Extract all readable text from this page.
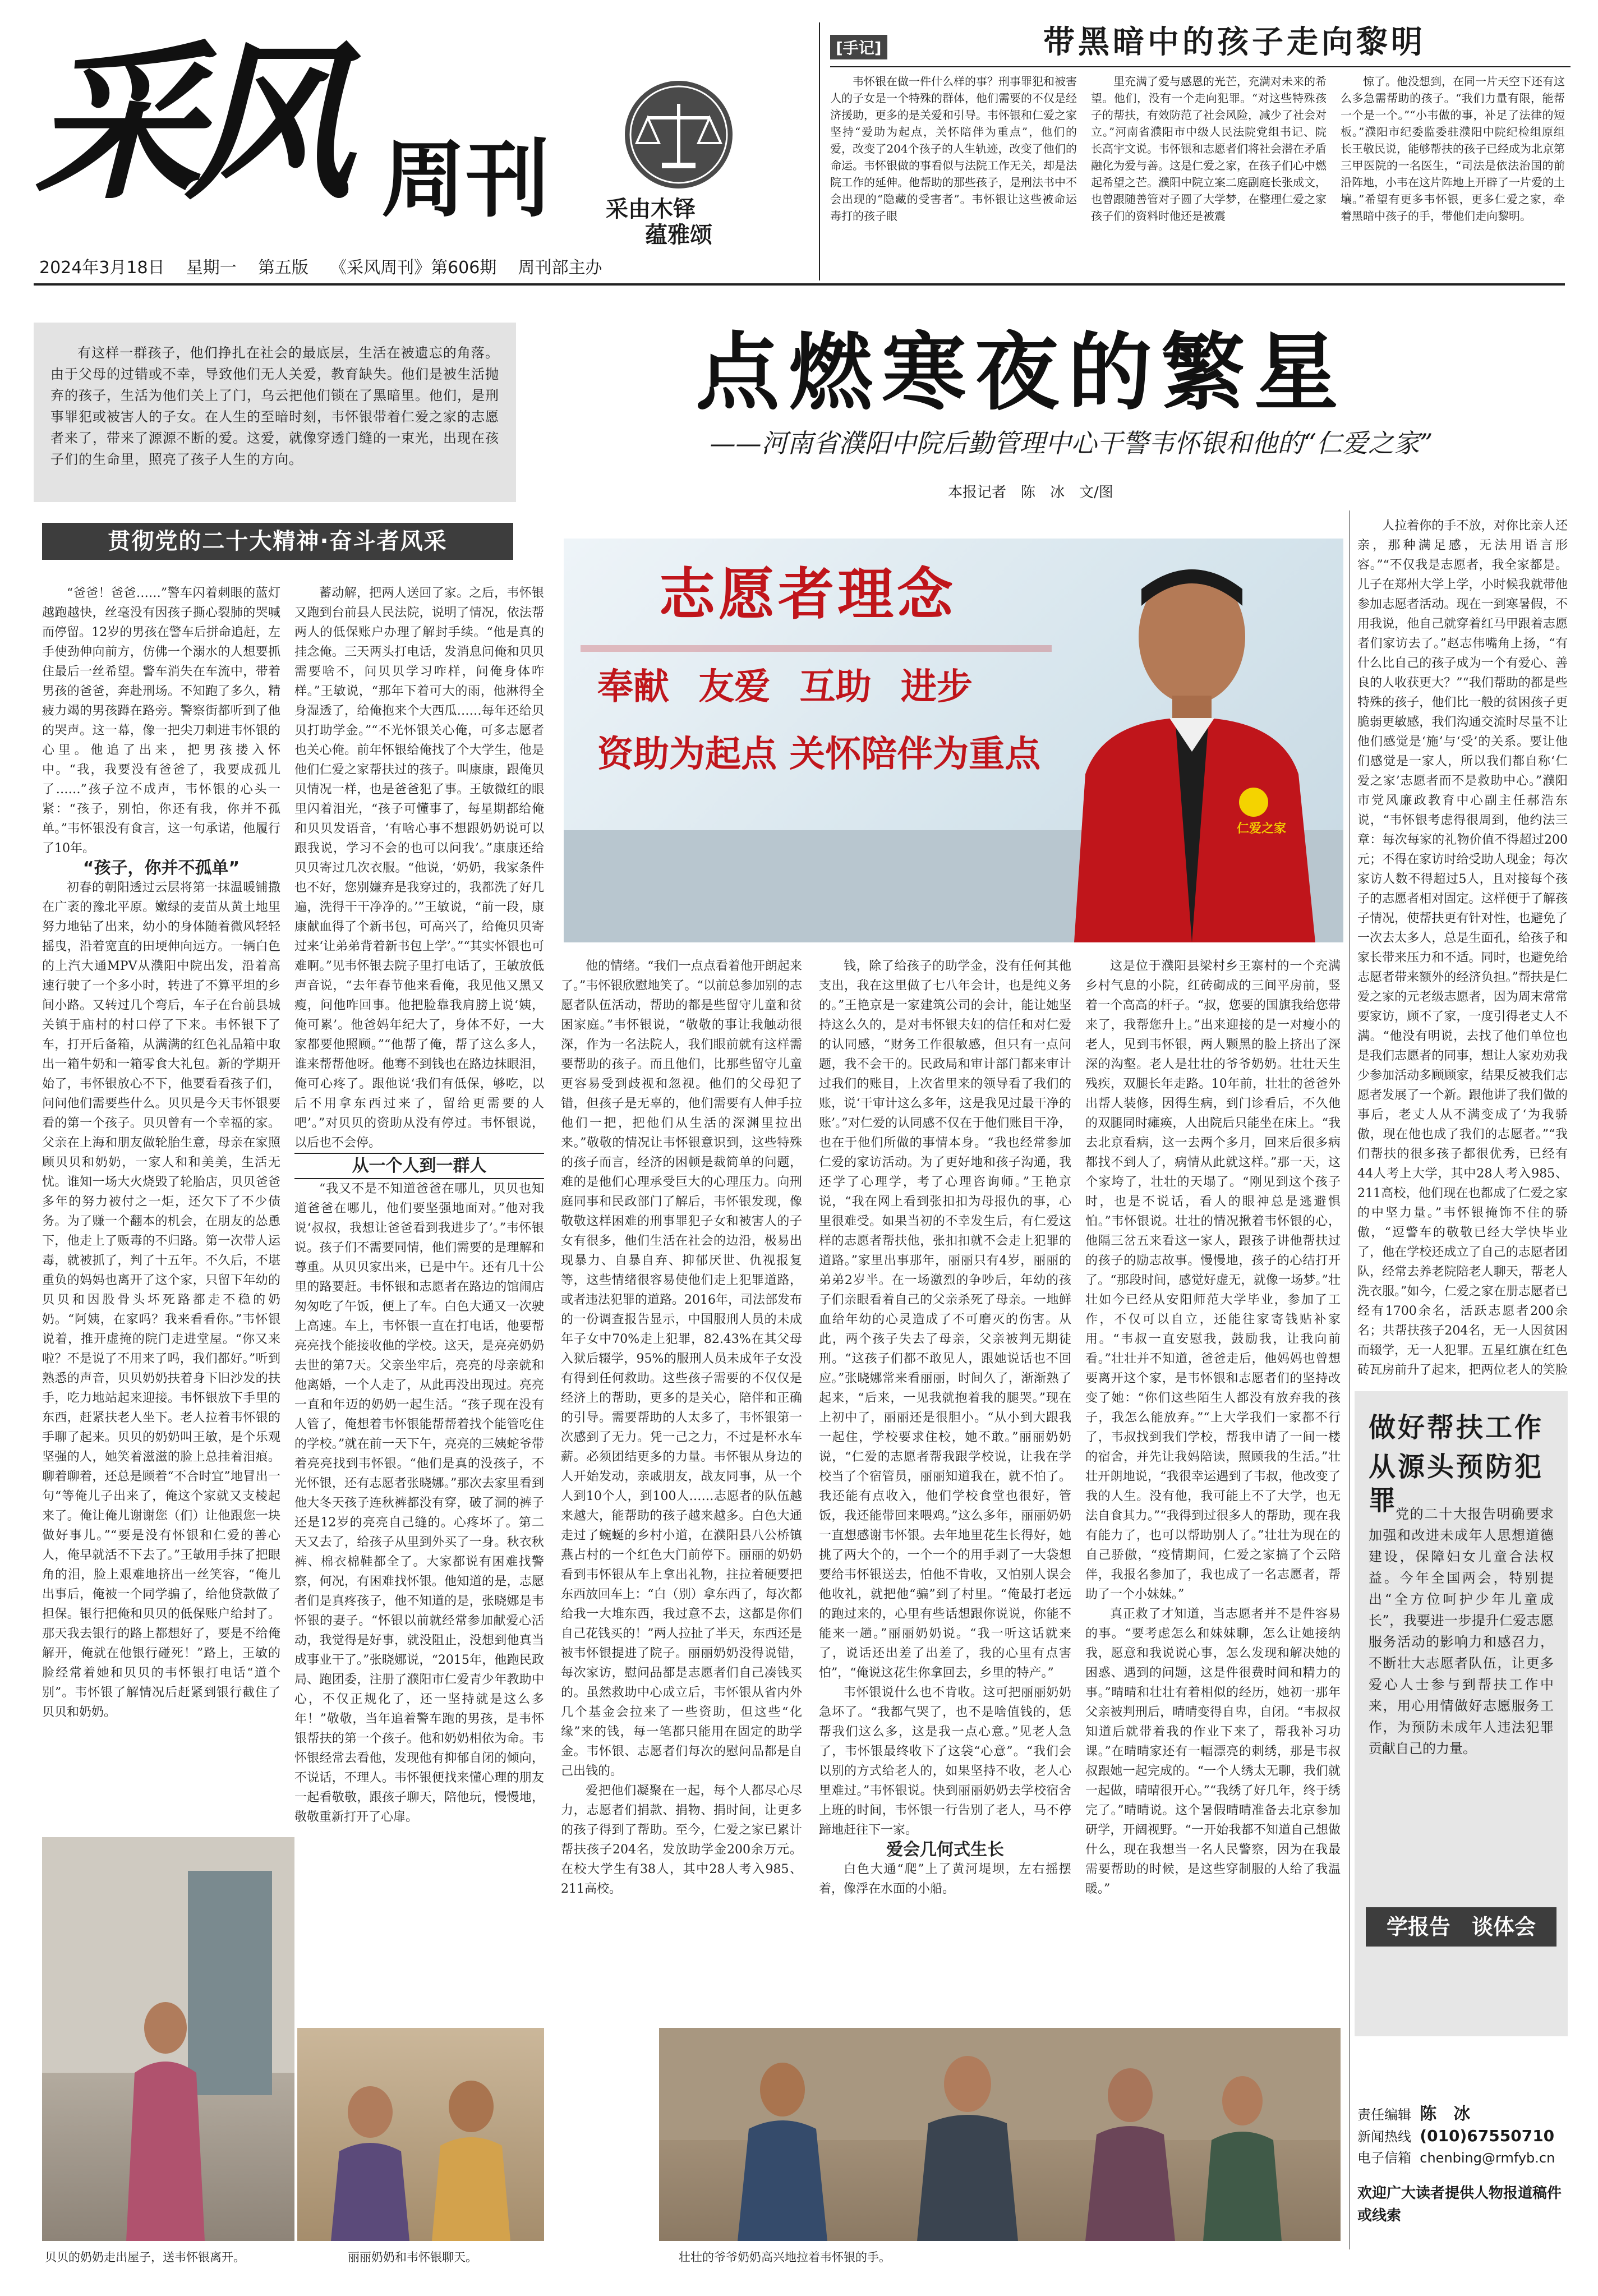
采风 周刊 采由木铎
蕴雅颂
2024年3月18日 星期一 第五版 《采风周刊》第606期 周刊部主办
[手记]	带黑暗中的孩子走向黎明

韦怀银在做一件什么样的事？刑事罪犯和被害人的子女是一个特殊的群体，他们需要的不仅是经济援助，更多的是关爱和引导。韦怀银和仁爱之家坚持“爱助为起点，关怀陪伴为重点”，他们的爱，改变了204个孩子的人生轨迹，改变了他们的命运。韦怀银做的事看似与法院工作无关，却是法院工作的延伸。他帮助的那些孩子，是刑法书中不会出现的“隐藏的受害者”。韦怀银让这些被命运毒打的孩子眼

里充满了爱与感恩的光芒，充满对未来的希望。他们，没有一个走向犯罪。“对这些特殊孩子的帮扶，有效防范了社会风险，减少了社会对立。”河南省濮阳市中级人民法院党组书记、院长高宇文说。韦怀银和志愿者们将社会潜在矛盾融化为爱与善。这是仁爱之家，在孩子们心中燃起希望之芒。濮阳中院立案二庭副庭长张成文，也曾跟随善管对子圆了大学梦，在整理仁爱之家孩子们的资料时他还是被震

惊了。他没想到，在同一片天空下还有这么多急需帮助的孩子。“我们力量有限，能帮一个是一个。”“小韦做的事，补足了法律的短板。”濮阳市纪委监委驻濮阳中院纪检组原组长王敬民说，能够帮扶的孩子已经成为北京第三甲医院的一名医生，“司法是依法治国的前沿阵地，小韦在这片阵地上开辟了一片爱的土壤。”希望有更多韦怀银，更多仁爱之家，牵着黑暗中孩子的手，带他们走向黎明。

有这样一群孩子，他们挣扎在社会的最底层，生活在被遗忘的角落。由于父母的过错或不幸，导致他们无人关爱，教育缺失。他们是被生活抛弃的孩子，生活为他们关上了门，乌云把他们锁在了黑暗里。他们，是刑事罪犯或被害人的子女。在人生的至暗时刻，韦怀银带着仁爱之家的志愿者来了，带来了源源不断的爱。这爱，就像穿透门缝的一束光，出现在孩子们的生命里，照亮了孩子人生的方向。

点燃寒夜的繁星
——河南省濮阳中院后勤管理中心干警韦怀银和他的“仁爱之家”
本报记者　陈　冰　文/图
贯彻党的二十大精神·奋斗者风采
志愿者理念
奉献 友爱 互助 进步
资助为起点 关怀陪伴为重点
仁爱之家

“爸爸！爸爸……”警车闪着刺眼的蓝灯越跑越快，丝毫没有因孩子撕心裂肺的哭喊而停留。12岁的男孩在警车后拼命追赶，左手使劲伸向前方，仿佛一个溺水的人想要抓住最后一丝希望。警车消失在车流中，带着男孩的爸爸，奔赴刑场。不知跑了多久，精疲力竭的男孩蹲在路旁。警察街都听到了他的哭声。这一幕，像一把尖刀刺进韦怀银的心里。他追了出来，把男孩搂入怀中。“我，我要没有爸爸了，我要成孤儿了……”孩子泣不成声，韦怀银的心头一紧：“孩子，别怕，你还有我，你并不孤单。”韦怀银没有食言，这一句承诺，他履行了10年。

“孩子，你并不孤单”

初春的朝阳透过云层将第一抹温暖铺撒在广袤的豫北平原。嫩绿的麦苗从黄土地里努力地钻了出来，幼小的身体随着微风轻轻摇曳，沿着宽直的田埂伸向远方。一辆白色的上汽大通MPV从濮阳中院出发，沿着高速行驶了一个多小时，转进了不算平坦的乡间小路。又转过几个弯后，车子在台前县城关镇于庙村的村口停了下来。韦怀银下了车，打开后备箱，从满满的红色礼品箱中取出一箱牛奶和一箱零食大礼包。新的学期开始了，韦怀银放心不下，他要看看孩子们，问问他们需要些什么。贝贝是今天韦怀银要看的第一个孩子。贝贝曾有一个幸福的家。父亲在上海和朋友做轮胎生意，母亲在家照顾贝贝和奶奶，一家人和和美美，生活无忧。谁知一场大火烧毁了轮胎店，贝贝爸爸多年的努力被付之一炬，还欠下了不少债务。为了赚一个翻本的机会，在朋友的怂恿下，他走上了贩毒的不归路。第一次带人运毒，就被抓了，判了十五年。不久后，不堪重负的妈妈也离开了这个家，只留下年幼的贝贝和因股骨头坏死路都走不稳的奶奶。“阿姨，在家吗？我来看看你。”韦怀银说着，推开虚掩的院门走进堂屋。“你又来啦？不是说了不用来了吗，我们都好。”听到熟悉的声音，贝贝奶奶扶着身下旧沙发的扶手，吃力地站起来迎接。韦怀银放下手里的东西，赶紧扶老人坐下。老人拉着韦怀银的手聊了起来。贝贝的奶奶叫王敏，是个乐观坚强的人，她笑着滋滋的脸上总挂着泪痕。聊着聊着，还总是顾着“不合时宜”地冒出一句“等俺儿子出来了，俺这个家就又支棱起来了。俺让俺儿谢谢您（们）让他跟您一块做好事儿。”“要是没有怀银和仁爱的善心人，俺早就活不下去了。”王敏用手抹了把眼角的泪，脸上艰难地挤出一丝笑容，“俺儿出事后，俺被一个同学骗了，给他贷款做了担保。银行把俺和贝贝的低保账户给封了。那天我去银行的路上都想好了，要是不给俺解开，俺就在他银行碰死！”路上，王敏的脸经常着她和贝贝的韦怀银打电话“道个别”。韦怀银了解情况后赶紧到银行截住了贝贝和奶奶。

蓄动解，把两人送回了家。之后，韦怀银又跑到台前县人民法院，说明了情况，依法帮两人的低保账户办理了解封手续。“他是真的挂念俺。三天两头打电话，发消息问俺和贝贝需要啥不，问贝贝学习咋样，问俺身体咋样。”王敏说，“那年下着可大的雨，他淋得全身湿透了，给俺抱来个大西瓜……每年还给贝贝打助学金。”“不光怀银关心俺，可多志愿者也关心俺。前年怀银给俺找了个大学生，他是他们仁爱之家帮扶过的孩子。叫康康，跟俺贝贝情况一样，也是爸爸犯了事。王敏微红的眼里闪着泪光，“孩子可懂事了，每星期都给俺和贝贝发语音，‘有啥心事不想跟奶奶说可以跟我说，学习不会的也可以问我’。”康康还给贝贝寄过几次衣服。“他说，‘奶奶，我家条件也不好，您别嫌弃是我穿过的，我都洗了好几遍，洗得干干净净的。’”王敏说，“前一段，康康献血得了个新书包，可高兴了，给俺贝贝寄过来‘让弟弟背着新书包上学’。”“其实怀银也可难啊。”见韦怀银去院子里打电话了，王敏放低声音说，“去年春节他来看俺，我见他又黑又瘦，问他咋回事。他把脸靠我肩膀上说‘姨，俺可累’。他爸妈年纪大了，身体不好，一大家都要他照顾。”“他帮了俺，帮了这么多人，谁来帮帮他呀。他骞不到钱也在路边抹眼泪，俺可心疼了。跟他说‘我们有低保，够吃，以后不用拿东西过来了，留给更需要的人吧’。”对贝贝的资助从没有停过。韦怀银说，以后也不会停。

从一个人到一群人

“我又不是不知道爸爸在哪儿，贝贝也知道爸爸在哪儿，他们要坚强地面对。”他对我说‘叔叔，我想让爸爸看到我进步了’。”韦怀银说。孩子们不需要同情，他们需要的是理解和尊重。从贝贝家出来，已是中午。还有几十公里的路要赶。韦怀银和志愿者在路边的馆闹店匆匆吃了午饭，便上了车。白色大通又一次驶上高速。车上，韦怀银一直在打电话，他要帮亮亮找个能接收他的学校。这天，是亮亮奶奶去世的第7天。父亲坐牢后，亮亮的母亲就和他离婚，一个人走了，从此再没出现过。亮亮一直和年迈的奶奶一起生活。“孩子现在没有人管了，俺想着韦怀银能帮帮着找个能管吃住的学校。”就在前一天下午，亮亮的三姨蛇爷带着亮亮找到韦怀银。“他们是真的没孩子，不光怀银，还有志愿者张晓娜。”那次去家里看到他大冬天孩子连秋裤都没有穿，破了洞的裤子还是12岁的亮亮自己缝的。心疼坏了。第二天又去了，给孩子从里到外买了一身。秋衣秋裤、棉衣棉鞋都全了。大家都说有困难找警察，何况，有困难找怀银。他知道的是，志愿者们是真疼孩子，他不知道的是，张晓娜是韦怀银的妻子。“怀银以前就经常参加献爱心活动，我觉得是好事，就没阻止，没想到他真当成事业干了。”张晓娜说，“2015年，他跑民政局、跑团委，注册了濮阳市仁爱青少年教助中心，不仅正规化了，还一坚持就是这么多年！”敬敬，当年追着警车跑的男孩，是韦怀银帮扶的第一个孩子。他和奶奶相依为命。韦怀银经常去看他，发现他有抑郁自闭的倾向，不说话，不理人。韦怀银便找来懂心理的朋友一起看敬敬，跟孩子聊天，陪他玩，慢慢地，敬敬重新打开了心扉。

他的情绪。“我们一点点看着他开朗起来了。”韦怀银欣慰地笑了。“以前总参加别的志愿者队伍活动，帮助的都是些留守儿童和贫困家庭。”韦怀银说，“敬敬的事让我触动很深，作为一名法院人，我们眼前就有这样需要帮助的孩子。而且他们，比那些留守儿童更容易受到歧视和忽视。他们的父母犯了错，但孩子是无辜的，他们需要有人伸手拉他们一把，把他们从生活的深渊里拉出来。”敬敬的情况让韦怀银意识到，这些特殊的孩子而言，经济的困顿是裁简单的问题，难的是他们心理承受巨大的心理压力。向刑庭同事和民政部门了解后，韦怀银发现，像敬敬这样困难的刑事罪犯子女和被害人的子女有很多，他们生活在社会的边沿，极易出现暴力、自暴自弃、抑郁厌世、仇视报复等，这些情绪很容易使他们走上犯罪道路，或者违法犯罪的道路。2016年，司法部发布的一份调查报告显示，中国服刑人员的未成年子女中70%走上犯罪，82.43%在其父母入狱后辍学，95%的服刑人员未成年子女没有得到任何救助。这些孩子需要的不仅仅是经济上的帮助，更多的是关心，陪伴和正确的引导。需要帮助的人太多了，韦怀银第一次感到了无力。凭一己之力，不过是杯水车薪。必须团结更多的力量。韦怀银从身边的人开始发动，亲戚朋友，战友同事，从一个人到10个人，到100人……志愿者的队伍越来越大，能帮助的孩子越来越多。白色大通走过了蜿蜒的乡村小道，在濮阳县八公桥镇燕占村的一个红色大门前停下。丽丽的奶奶看到韦怀银从车上拿出礼物，拄拉着硬要把东西放回车上：“白（别）拿东西了，每次都给我一大堆东西，我过意不去，这都是你们自己花钱买的！”两人拉扯了半天，东西还是被韦怀银提进了院子。丽丽奶奶没得说错，每次家访，慰问品都是志愿者们自己凑钱买的。虽然救助中心成立后，韦怀银从省内外几个基金会拉来了一些资助，但这些“化缘”来的钱，每一笔都只能用在固定的助学金。韦怀银、志愿者们每次的慰问品都是自己出钱的。

爱把他们凝聚在一起，每个人都尽心尽力，志愿者们捐款、捐物、捐时间，让更多的孩子得到了帮助。至今，仁爱之家已累计帮扶孩子204名，发放助学金200余万元。在校大学生有38人，其中28人考入985、211高校。

钱，除了给孩子的助学金，没有任何其他支出，我在这里做了七八年会计，也是纯义务的。”王艳京是一家建筑公司的会计，能让她坚持这么久的，是对韦怀银夫妇的信任和对仁爱的认同感，“财务工作很敏感，但只有一点问题，我不会干的。民政局和审计部门都来审计过我们的账目，上次省里来的领导看了我们的账，说‘干审计这么多年，这是我见过最干净的账’。”对仁爱的认同感不仅在于他们账目干净，也在于他们所做的事情本身。“我也经常参加仁爱的家访活动。为了更好地和孩子沟通，我还学了心理学，考了心理咨询师。”王艳京说，“我在网上看到张扣扣为母报仇的事，心里很难受。如果当初的不幸发生后，有仁爱这样的志愿者帮扶他，张扣扣就不会走上犯罪的道路。”家里出事那年，丽丽只有4岁，丽丽的弟弟2岁半。在一场激烈的争吵后，年幼的孩子们亲眼看着自己的父亲杀死了母亲。一地鲜血给年幼的心灵造成了不可磨灭的伤害。从此，两个孩子失去了母亲，父亲被判无期徒刑。“这孩子们都不敢见人，跟她说话也不回应。”张晓娜常来看丽丽，时间久了，渐渐熟了起来，“后来，一见我就抱着我的腿哭。”现在上初中了，丽丽还是很胆小。“从小到大跟我一起住，学校要求住校，她不敢。”丽丽奶奶说，“仁爱的志愿者帮我跟学校说，让我在学校当了个宿管员，丽丽知道我在，就不怕了。我还能有点收入，他们学校食堂也很好，管饭，我还能带回来喂鸡。”这么多年，丽丽奶奶一直想感谢韦怀银。去年地里花生长得好，她挑了两大个的，一个一个的用手剥了一大袋想要给韦怀银送去，怕他不肯收，又怕别人误会他收礼，就把他“骗”到了村里。“俺最打老远的跑过来的，心里有些话想跟你说说，你能不能来一趟。”丽丽奶奶说。“我一听这话就来了，说话还出差了出差了，我的心里有点害怕”，“俺说这花生你拿回去，乡里的特产。”

韦怀银说什么也不肯收。这可把丽丽奶奶急坏了。“我都气哭了，也不是啥值钱的，恁帮我们这么多，这是我一点心意。”见老人急了，韦怀银最终收下了这袋“心意”。“我们会以别的方式给老人的，如果坚持不收，老人心里难过。”韦怀银说。快到丽丽奶奶去学校宿舍上班的时间，韦怀银一行告别了老人，马不停蹄地赶往下一家。

爱会几何式生长

白色大通“爬”上了黄河堤坝，左右摇摆着，像浮在水面的小船。

这是位于濮阳县梁村乡王寨村的一个充满乡村气息的小院，红砖砌成的三间平房前，竖着一个高高的杆子。“叔，您要的国旗我给您带来了，我帮您升上。”出来迎接的是一对瘦小的老人，见到韦怀银，两人颗黑的脸上挤出了深深的沟壑。老人是壮壮的爷爷奶奶。壮壮天生残疾，双腿长年走路。10年前，壮壮的爸爸外出帮人装修，因得生病，到门诊看后，不久他的双腿同时瘫痪，人出院后只能坐在床上。“我去北京看病，这一去两个多月，回来后很多病都找不到人了，病情从此就这样。”那一天，这个家垮了，壮壮的天塌了。“刚见到这个孩子时，也是不说话，看人的眼神总是逃避惧怕。”韦怀银说。壮壮的情况揪着韦怀银的心，他隔三岔五来看这一家人，跟孩子讲他帮扶过的孩子的励志故事。慢慢地，孩子的心结打开了。“那段时间，感觉好虚无，就像一场梦。”壮壮如今已经从安阳师范大学毕业，参加了工作，不仅可以自立，还能往家寄钱贴补家用。“韦叔一直安慰我，鼓励我，让我向前看。”壮壮并不知道，爸爸走后，他妈妈也曾想要离开这个家，是韦怀银和志愿者们的坚持改变了她：“你们这些陌生人都没有放弃我的孩子，我怎么能放弃。”“上大学我们一家都不行了，韦叔找到我们学校，帮我申请了一间一楼的宿舍，并先让我妈陪读，照顾我的生活。”壮壮开朗地说，“我很幸运遇到了韦叔，他改变了我的人生。没有他，我可能上不了大学，也无法自食其力。”“我得到过很多人的帮助，现在我有能力了，也可以帮助别人了。”壮壮为现在的自己骄傲，“疫情期间，仁爱之家搞了个云陪伴，我报名参加了，我也成了一名志愿者，帮助了一个小妹妹。”

真正救了才知道，当志愿者并不是件容易的事。“要考虑怎么和妹妹聊，怎么让她接纳我，愿意和我说说心事，怎么发现和解决她的困惑、遇到的问题，这是件很费时间和精力的事。”晴晴和壮壮有着相似的经历，她初一那年父亲被判刑后，晴晴变得自卑，自闭。“韦叔叔知道后就带着我的作业下来了，帮我补习功课。”在晴晴家还有一幅漂亮的刺绣，那是韦叔叔跟她一起完成的。“一个人绣太无聊，我们就一起做，晴晴很开心。”“我绣了好几年，终于绣完了。”晴晴说。这个暑假晴晴准备去北京参加研学，开阔视野。“一开始我都不知道自己想做什么，现在我想当一名人民警察，因为在我最需要帮助的时候，是这些穿制服的人给了我温暖。”

人拉着你的手不放，对你比亲人还亲，那种满足感，无法用语言形容。”“不仅我是志愿者，我全家都是。儿子在郑州大学上学，小时候我就带他参加志愿者活动。现在一到寒暑假，不用我说，他自己就穿着红马甲跟着志愿者们家访去了。”赵志伟嘴角上扬，“有什么比自己的孩子成为一个有爱心、善良的人收获更大？”“我们帮助的都是些特殊的孩子，他们比一般的贫困孩子更脆弱更敏感，我们沟通交流时尽量不让他们感觉是‘施’与‘受’的关系。要让他们感觉是一家人，所以我们都自称‘仁爱之家’志愿者而不是救助中心。”濮阳市党风廉政教育中心副主任郝浩东说，“韦怀银考虑得很周到，他约法三章：每次每家的礼物价值不得超过200元；不得在家访时给受助人现金；每次家访人数不得超过5人，且对接每个孩子的志愿者相对固定。这样便于了解孩子情况，使帮扶更有针对性，也避免了一次去太多人，总是生面孔，给孩子和家长带来压力和不适。同时，也避免给志愿者带来额外的经济负担。”帮扶是仁爱之家的元老级志愿者，因为周末常常要家访，顾不了家，一度引得老丈人不满。“他没有明说，去找了他们单位也是我们志愿者的同事，想让人家劝劝我少参加活动多顾顾家，结果反被我们志愿者发展了一个新。跟他讲了我们做的事后，老丈人从不满变成了‘为我骄傲，现在他也成了我们的志愿者。”“我们帮扶的很多孩子都很优秀，已经有44人考上大学，其中28人考入985、211高校，他们现在也都成了仁爱之家的中坚力量。”韦怀银掩饰不住的骄傲，“逗警车的敬敬已经大学快毕业了，他在学校还成立了自己的志愿者团队，经常去养老院陪老人聊天，帮老人洗衣服。”如今，仁爱之家在册志愿者已经有1700余名，活跃志愿者200余名；共帮扶孩子204名，无一人因贫困而辍学，无一人犯罪。五星红旗在红色砖瓦房前升了起来，把两位老人的笑脸

做好帮扶工作
从源头预防犯罪

党的二十大报告明确要求加强和改进未成年人思想道德建设，保障妇女儿童合法权益。今年全国两会，特别提出“全方位呵护少年儿童成长”，我要进一步提升仁爱志愿服务活动的影响力和感召力，不断壮大志愿者队伍，让更多爱心人士参与到帮扶工作中来，用心用情做好志愿服务工作，为预防未成年人违法犯罪贡献自己的力量。

学报告　谈体会
责任编辑 陈　冰
新闻热线 (010)67550710
电子信箱 chenbing@rmfyb.cn
欢迎广大读者提供人物报道稿件或线索
贝贝的奶奶走出屋子，送韦怀银离开。	丽丽奶奶和韦怀银聊天。	壮壮的爷爷奶奶高兴地拉着韦怀银的手。
